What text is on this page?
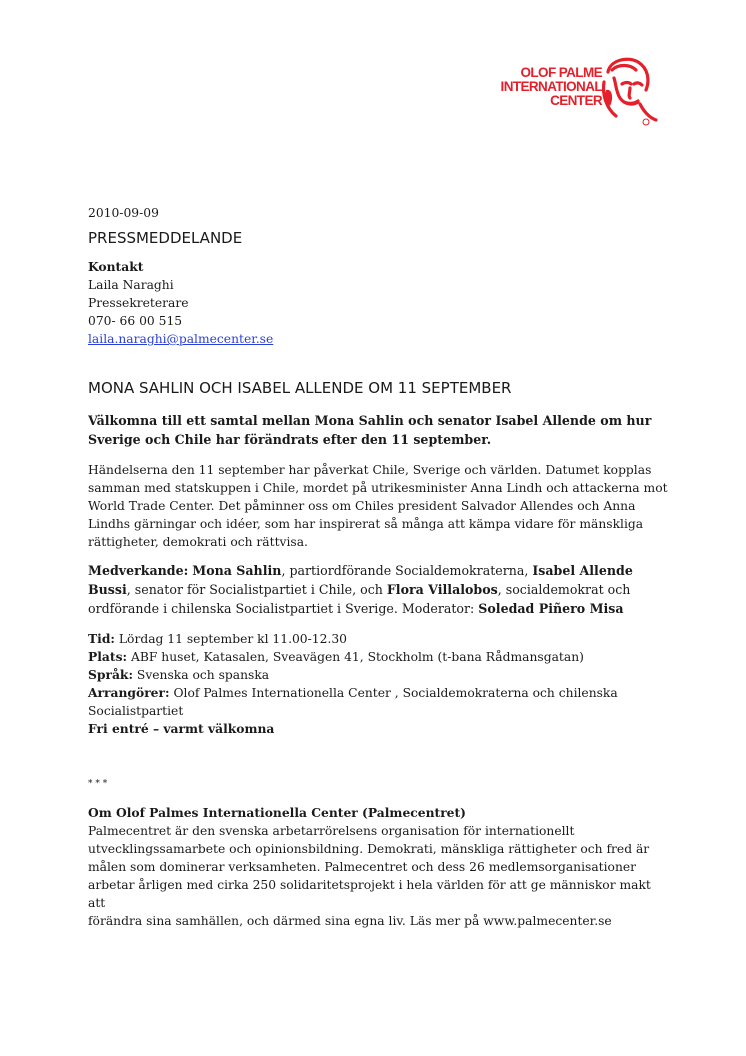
OLOF PALME
INTERNATIONAL
CENTER
2010-09-09
PRESSMEDDELANDE
Kontakt
Laila Naraghi
Pressekreterare
070- 66 00 515
laila.naraghi@palmecenter.se
MONA SAHLIN OCH ISABEL ALLENDE OM 11 SEPTEMBER
Välkomna till ett samtal mellan Mona Sahlin och senator Isabel Allende om hur
Sverige och Chile har förändrats efter den 11 september.
Händelserna den 11 september har påverkat Chile, Sverige och världen. Datumet kopplas
samman med statskuppen i Chile, mordet på utrikesminister Anna Lindh och attackerna mot
World Trade Center. Det påminner oss om Chiles president Salvador Allendes och Anna
Lindhs gärningar och idéer, som har inspirerat så många att kämpa vidare för mänskliga
rättigheter, demokrati och rättvisa.
Medverkande: Mona Sahlin, partiordförande Socialdemokraterna, Isabel Allende
Bussi, senator för Socialistpartiet i Chile, och Flora Villalobos, socialdemokrat och
ordförande i chilenska Socialistpartiet i Sverige. Moderator: Soledad Piñero Misa
Tid: Lördag 11 september kl 11.00-12.30
Plats: ABF huset, Katasalen, Sveavägen 41, Stockholm (t-bana Rådmansgatan)
Språk: Svenska och spanska
Arrangörer: Olof Palmes Internationella Center , Socialdemokraterna och chilenska
Socialistpartiet
Fri entré – varmt välkomna
* * *
Om Olof Palmes Internationella Center (Palmecentret)
Palmecentret är den svenska arbetarrörelsens organisation för internationellt
utvecklingssamarbete och opinionsbildning. Demokrati, mänskliga rättigheter och fred är
målen som dominerar verksamheten. Palmecentret och dess 26 medlemsorganisationer
arbetar årligen med cirka 250 solidaritetsprojekt i hela världen för att ge människor makt att
förändra sina samhällen, och därmed sina egna liv. Läs mer på www.palmecenter.se
